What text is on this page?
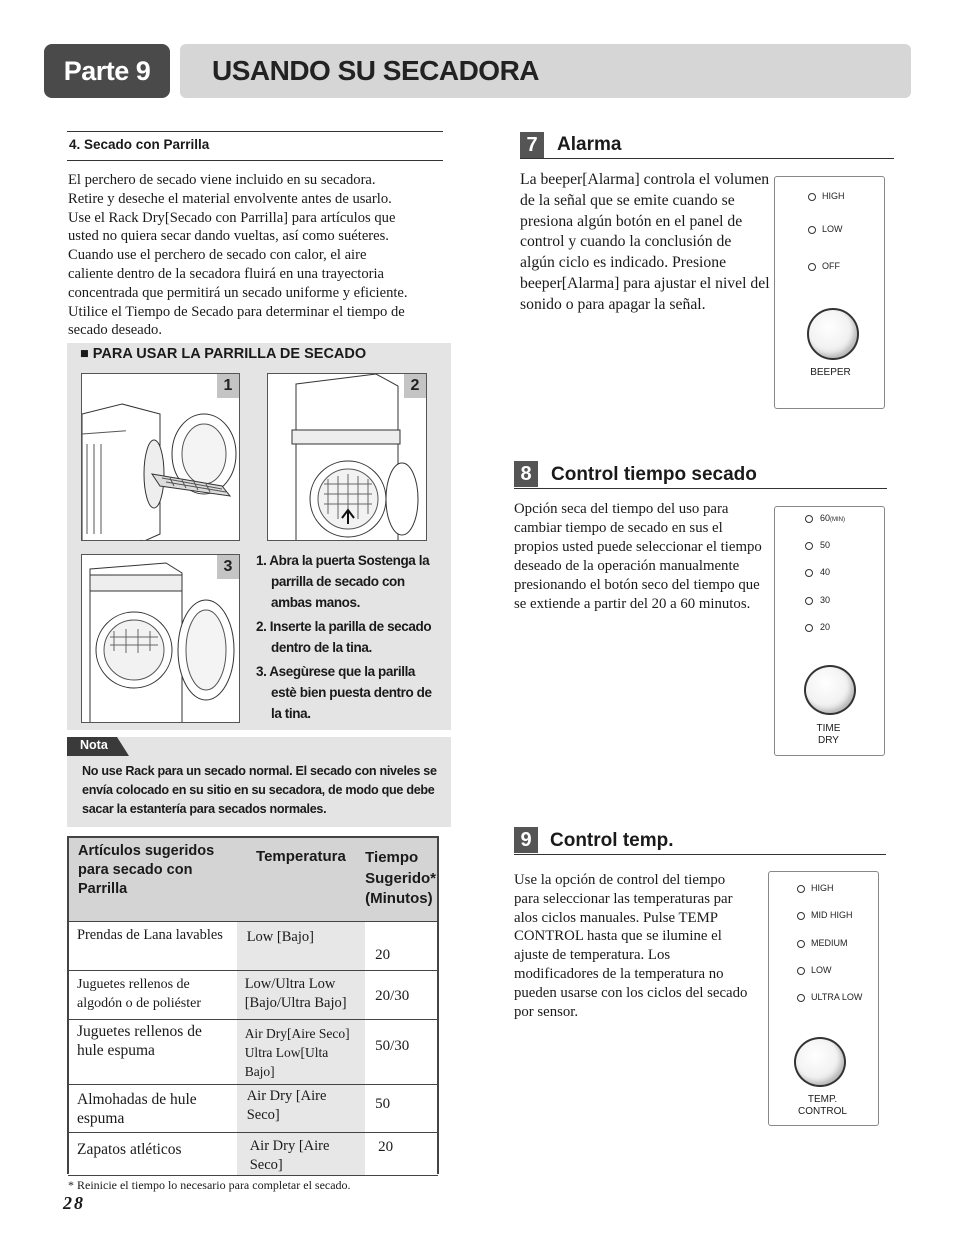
Parte 9	USANDO SU SECADORA
4. Secado con Parrilla
El perchero de secado viene incluido en su secadora.
Retire y deseche el material envolvente antes de usarlo.
Use el Rack Dry[Secado con Parrilla] para artículos que
usted no quiera secar dando vueltas, así como suéteres.
Cuando use el perchero de secado con calor, el aire
caliente dentro de la secadora fluirá en una trayectoria
concentrada que permitirá un secado uniforme y eficiente.
Utilice el Tiempo de Secado para determinar el tiempo de
secado deseado.
■ PARA USAR LA PARRILLA DE SECADO
1	2
3	1. Abra la puerta Sostenga la parrilla de secado con ambas manos.
2. Inserte la parilla de secado dentro de la tina.
3. Asegùrese que la parilla estè bien puesta dentro de la tina.
Nota
No use Rack para un secado normal. El secado con niveles se envía colocado en su sitio en su secadora, de modo que debe sacar la estantería para secados normales.
Artículos sugeridos para secado con Parrilla	Temperatura	Tiempo Sugerido* (Minutos)
Prendas de Lana lavables	Low [Bajo]	20
Juguetes rellenos de algodón o de poliéster	Low/Ultra Low [Bajo/Ultra Bajo]	20/30
Juguetes rellenos de hule espuma	Air Dry[Aire Seco] Ultra Low[Ulta Bajo]	50/30
Almohadas de hule espuma	Air Dry [Aire Seco]	50
Zapatos atléticos	Air Dry [Aire Seco]	20
* Reinicie el tiempo lo necesario para completar el secado.
28
7	Alarma
La beeper[Alarma] controla el volumen de la señal que se emite cuando se presiona algún botón en el panel de control y cuando la conclusión de algún ciclo es indicado. Presione beeper[Alarma] para ajustar el nivel del sonido o para apagar la señal.
HIGH
LOW
OFF
BEEPER
8	Control tiempo secado
Opción seca del tiempo del uso para cambiar tiempo de secado en sus el propios usted puede seleccionar el tiempo deseado de la operación manualmente presionando el botón seco del tiempo que se extiende a partir del 20 a 60 minutos.
60(MIN)
50
40
30
20
TIME
DRY
9 Control temp.
Use la opción de control del tiempo para seleccionar las temperaturas par alos ciclos manuales. Pulse TEMP CONTROL hasta que se ilumine el ajuste de temperatura. Los modificadores de la temperatura no pueden usarse con los ciclos del secado por sensor.
HIGH
MID HIGH
MEDIUM
LOW
ULTRA LOW
TEMP.
CONTROL
